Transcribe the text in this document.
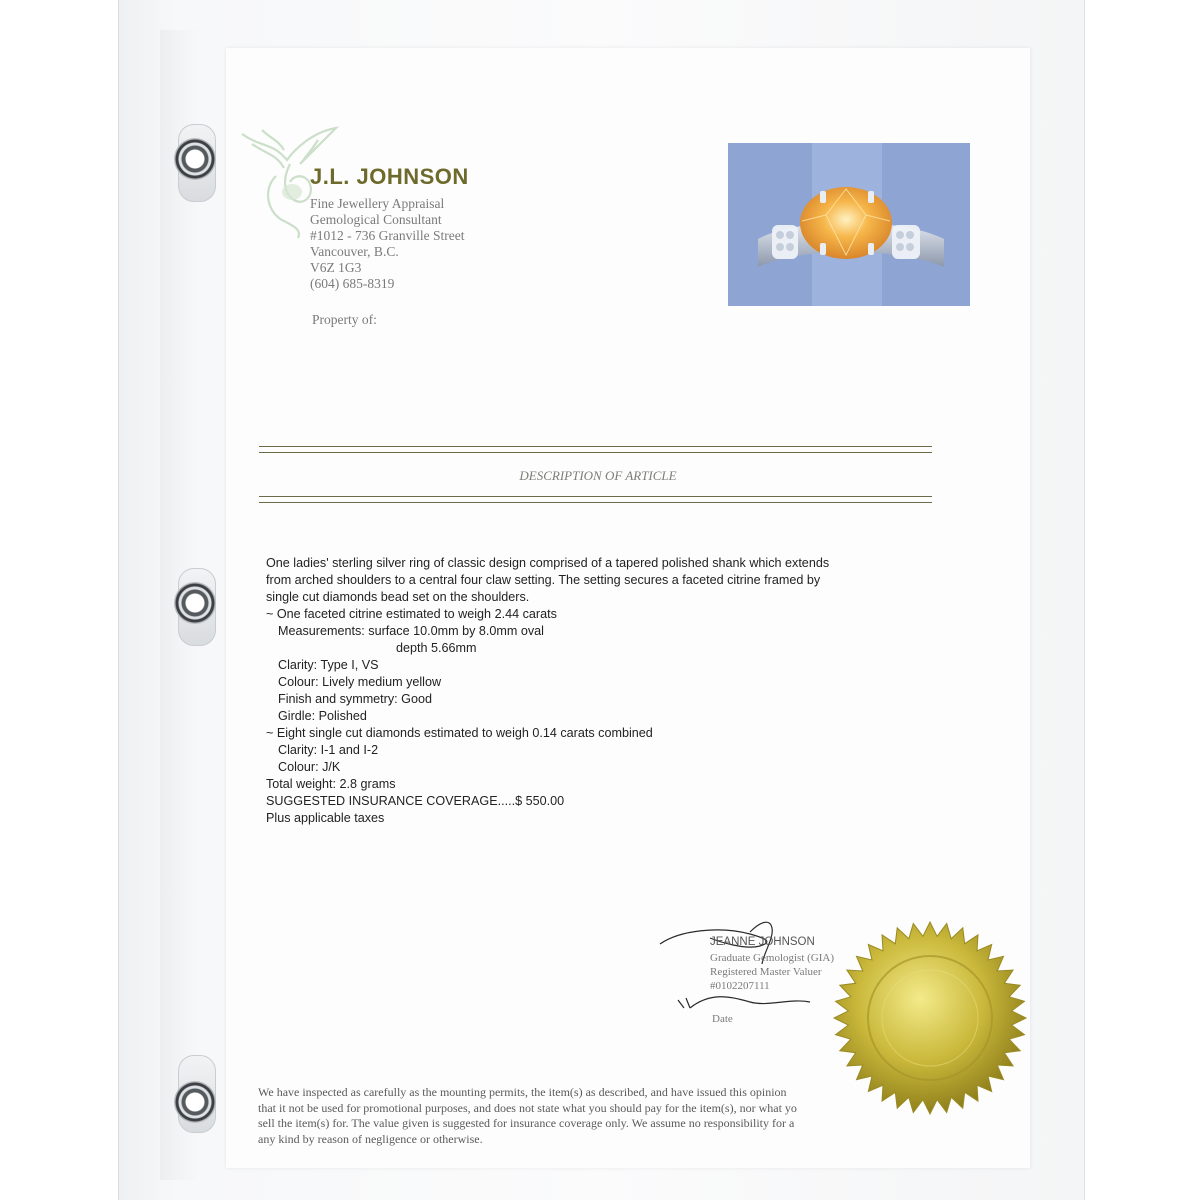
J.L. JOHNSON
Fine Jewellery Appraisal
Gemological Consultant
#1012 - 736 Granville Street
Vancouver, B.C.
V6Z 1G3
(604) 685-8319
Property of:
DESCRIPTION OF ARTICLE
One ladies' sterling silver ring of classic design comprised of a tapered polished shank which extends
from arched shoulders to a central four claw setting. The setting secures a faceted citrine framed by
single cut diamonds bead set on the shoulders.
~ One faceted citrine estimated to weigh 2.44 carats
Measurements: surface 10.0mm by 8.0mm oval
depth 5.66mm
Clarity: Type I, VS
Colour: Lively medium yellow
Finish and symmetry: Good
Girdle: Polished
~ Eight single cut diamonds estimated to weigh 0.14 carats combined
Clarity: I-1 and I-2
Colour: J/K
Total weight: 2.8 grams
SUGGESTED INSURANCE COVERAGE.....$ 550.00
Plus applicable taxes
JEANNE JOHNSON
Graduate Gemologist (GIA)
Registered Master Valuer
#0102207111
Date
We have inspected as carefully as the mounting permits, the item(s) as described, and have issued this opinion
that it not be used for promotional purposes, and does not state what you should pay for the item(s), nor what yo
sell the item(s) for. The value given is suggested for insurance coverage only. We assume no responsibility for a
any kind by reason of negligence or otherwise.
